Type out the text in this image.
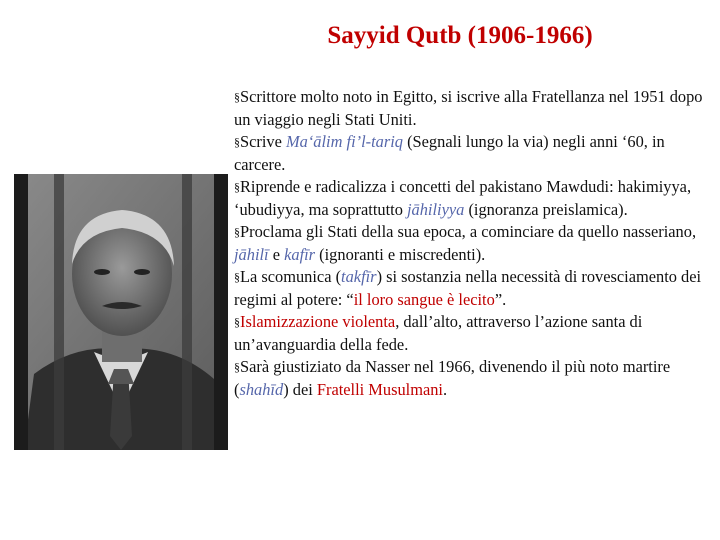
Sayyid Qutb (1906-1966)

§Scrittore molto noto in Egitto, si iscrive alla Fratellanza nel 1951 dopo un viaggio negli Stati Uniti.

§Scrive Ma‘ālim fi’l-tariq (Segnali lungo la via) negli anni ‘60, in carcere.

§Riprende e radicalizza i concetti del pakistano Mawdudi: hakimiyya, ‘ubudiyya, ma soprattutto jāhiliyya (ignoranza preislamica).

§Proclama gli Stati della sua epoca, a cominciare da quello nasseriano, jāhilī e kafīr (ignoranti e miscredenti).

§La scomunica (takfīr) si sostanzia nella necessità di rovesciamento dei regimi al potere: “il loro sangue è lecito”.

§Islamizzazione violenta, dall’alto, attraverso l’azione santa di un’avanguardia della fede.

§Sarà giustiziato da Nasser nel 1966, divenendo il più noto martire (shahīd) dei Fratelli Musulmani.
